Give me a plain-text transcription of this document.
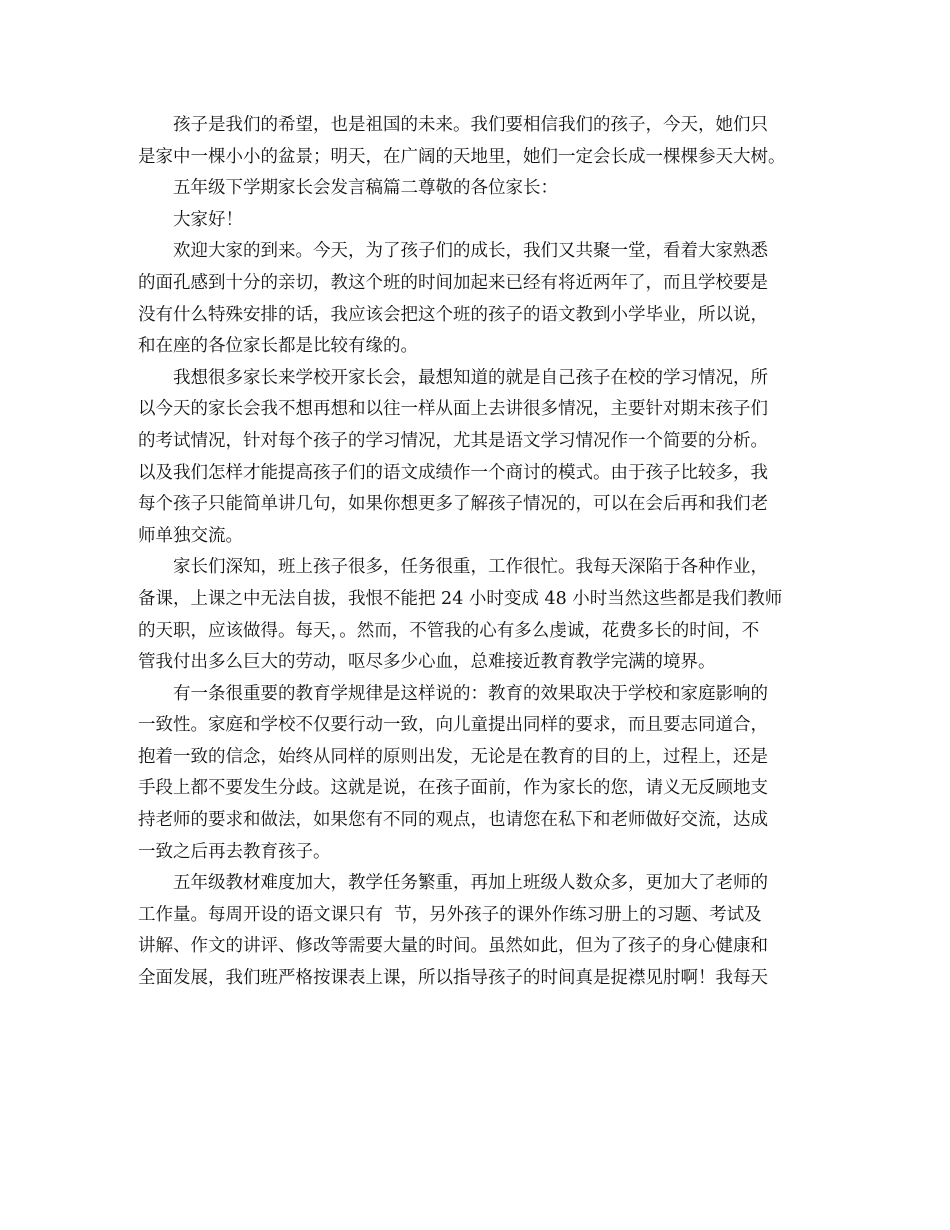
孩子是我们的希望，也是祖国的未来。我们要相信我们的孩子，今天，她们只
是家中一棵小小的盆景；明天，在广阔的天地里，她们一定会长成一棵棵参天大树。
五年级下学期家长会发言稿篇二尊敬的各位家长：
大家好！
欢迎大家的到来。今天，为了孩子们的成长，我们又共聚一堂，看着大家熟悉
的面孔感到十分的亲切，教这个班的时间加起来已经有将近两年了，而且学校要是
没有什么特殊安排的话，我应该会把这个班的孩子的语文教到小学毕业，所以说，
和在座的各位家长都是比较有缘的。
我想很多家长来学校开家长会，最想知道的就是自己孩子在校的学习情况，所
以今天的家长会我不想再想和以往一样从面上去讲很多情况，主要针对期末孩子们
的考试情况，针对每个孩子的学习情况，尤其是语文学习情况作一个简要的分析。
以及我们怎样才能提高孩子们的语文成绩作一个商讨的模式。由于孩子比较多，我
每个孩子只能简单讲几句，如果你想更多了解孩子情况的，可以在会后再和我们老
师单独交流。
家长们深知，班上孩子很多，任务很重，工作很忙。我每天深陷于各种作业，
备课，上课之中无法自拔，我恨不能把 24 小时变成 48 小时当然这些都是我们教师
的天职，应该做得。每天，。然而，不管我的心有多么虔诚，花费多长的时间，不
管我付出多么巨大的劳动，呕尽多少心血，总难接近教育教学完满的境界。
有一条很重要的教育学规律是这样说的：教育的效果取决于学校和家庭影响的
一致性。家庭和学校不仅要行动一致，向儿童提出同样的要求，而且要志同道合，
抱着一致的信念，始终从同样的原则出发，无论是在教育的目的上，过程上，还是
手段上都不要发生分歧。这就是说，在孩子面前，作为家长的您，请义无反顾地支
持老师的要求和做法，如果您有不同的观点，也请您在私下和老师做好交流，达成
一致之后再去教育孩子。
五年级教材难度加大，教学任务繁重，再加上班级人数众多，更加大了老师的
工作量。每周开设的语文课只有  节，另外孩子的课外作练习册上的习题、考试及
讲解、作文的讲评、修改等需要大量的时间。虽然如此，但为了孩子的身心健康和
全面发展，我们班严格按课表上课，所以指导孩子的时间真是捉襟见肘啊！我每天
